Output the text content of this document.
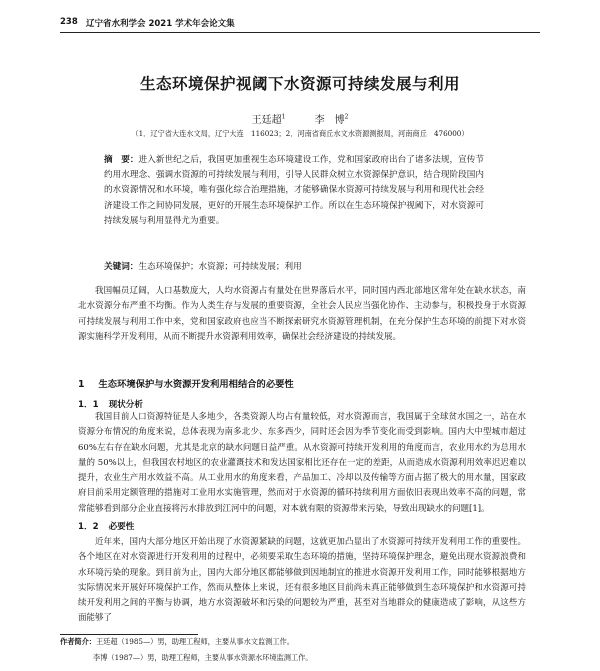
238 辽宁省水利学会 2021 学术年会论文集
生态环境保护视阈下水资源可持续发展与利用
王廷超$^1$	李　博$^2$
（1．辽宁省大连水文局，辽宁大连　116023；2．河南省商丘水文水资源测报局，河南商丘　476000）
摘　要：进入新世纪之后，我国更加重视生态环境建设工作，党和国家政府出台了诸多法规，宣传节约用水理念、强调水资源的可持续发展与利用，引导人民群众树立水资源保护意识，结合现阶段国内的水资源情况和水环境，唯有强化综合治理措施，才能够确保水资源可持续发展与利用和现代社会经济建设工作之间协同发展，更好的开展生态环境保护工作。所以在生态环境保护视阈下，对水资源可持续发展与利用显得尤为重要。
关键词：生态环境保护；水资源；可持续发展；利用
我国幅员辽阔，人口基数庞大，人均水资源占有量处在世界落后水平，同时国内西北部地区常年处在缺水状态，南北水资源分布严重不均衡。作为人类生存与发展的重要资源，全社会人民应当强化协作、主动参与，积极投身于水资源可持续发展与利用工作中来，党和国家政府也应当不断探索研究水资源管理机制，在充分保护生态环境的前提下对水资源实施科学开发利用，从而不断提升水资源利用效率，确保社会经济建设的持续发展。
1 生态环境保护与水资源开发利用相结合的必要性
1．1 现状分析
我国目前人口资源特征是人多地少，各类资源人均占有量较低，对水资源而言，我国属于全球贫水国之一，站在水资源分布情况的角度来说，总体表现为南多北少、东多西少，同时还会因为季节变化而受到影响。国内大中型城市超过 60%左右存在缺水问题，尤其是北京的缺水问题日益严重。从水资源可持续开发利用的角度而言，农业用水约为总用水量的 50%以上，但我国农村地区的农业灌溉技术和发达国家相比还存在一定的差距，从而造成水资源利用效率迟迟难以提升，农业生产用水效益不高。从工业用水的角度来看，产品加工、冷却以及传输等方面占据了极大的用水量，国家政府目前采用定额管理的措施对工业用水实施管理，然而对于水资源的循环持续利用方面依旧表现出效率不高的问题，常常能够看到部分企业直接将污水排放到江河中的问题，对本就有限的资源带来污染，导致出现缺水的问题[1]。
1．2 必要性
近年来，国内大部分地区开始出现了水资源紧缺的问题，这就更加凸显出了水资源可持续开发利用工作的重要性。各个地区在对水资源进行开发利用的过程中，必须要采取生态环境的措施，坚持环境保护理念，避免出现水资源浪费和水环境污染的现象。到目前为止，国内大部分地区都能够做到因地制宜的推进水资源开发利用工作，同时能够根据地方实际情况来开展好环境保护工作，然而从整体上来说，还有很多地区目前尚未真正能够做到生态环境保护和水资源可持续开发利用之间的平衡与协调，地方水资源破坏和污染的问题较为严重，甚至对当地群众的健康造成了影响，从这些方面能够了
作者简介：王廷超（1985—）男，助理工程师，主要从事水文监测工作。
李博（1987—）男，助理工程师，主要从事水资源水环境监测工作。
